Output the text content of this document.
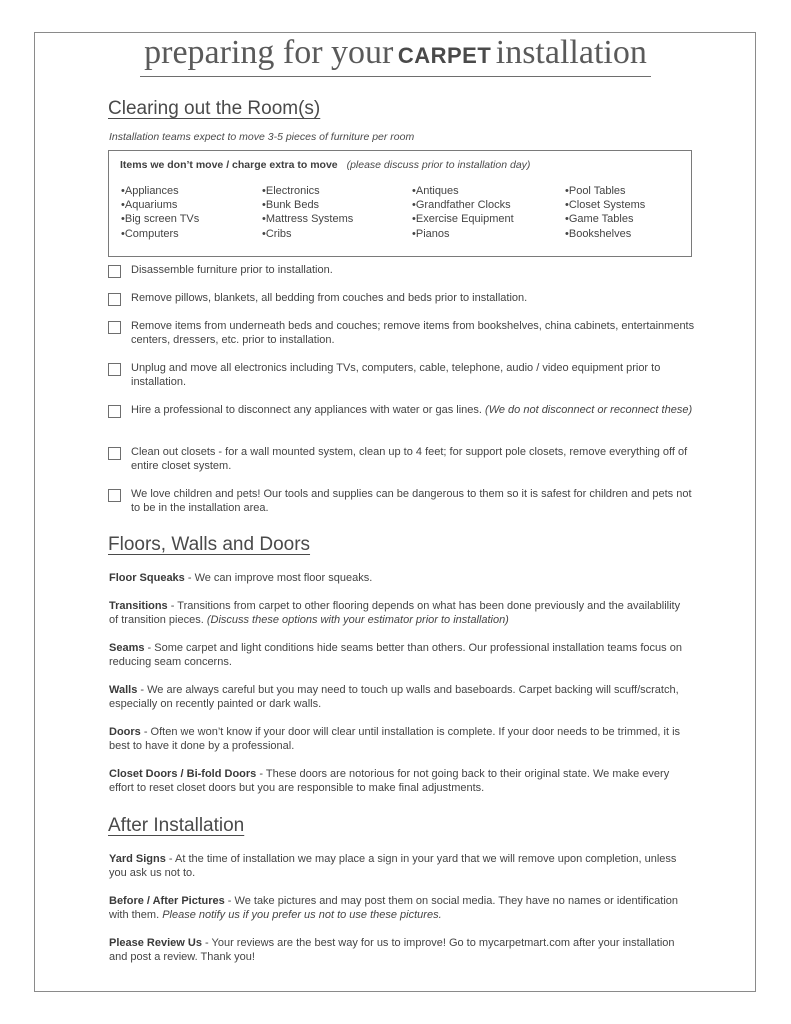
preparing for your CARPET installation
Clearing out the Room(s)
Installation teams expect to move 3-5 pieces of furniture per room
Items we don’t move / charge extra to move (please discuss prior to installation day)
• Appliances
• Aquariums
• Big screen TVs
• Computers
• Electronics
• Bunk Beds
• Mattress Systems
• Cribs
• Antiques
• Grandfather Clocks
• Exercise Equipment
• Pianos
• Pool Tables
• Closet Systems
• Game Tables
• Bookshelves
Disassemble furniture prior to installation.
Remove pillows, blankets, all bedding from couches and beds prior to installation.
Remove items from underneath beds and couches; remove items from bookshelves, china cabinets, entertainments centers, dressers, etc. prior to installation.
Unplug and move all electronics including TVs, computers, cable, telephone, audio / video equipment prior to installation.
Hire a professional to disconnect any appliances with water or gas lines. (We do not disconnect or reconnect these)
Clean out closets - for a wall mounted system, clean up to 4 feet; for support pole closets, remove everything off of entire closet system.
We love children and pets! Our tools and supplies can be dangerous to them so it is safest for children and pets not to be in the installation area.
Floors, Walls and Doors
Floor Squeaks - We can improve most floor squeaks.
Transitions - Transitions from carpet to other flooring depends on what has been done previously and the availablility of transition pieces. (Discuss these options with your estimator prior to installation)
Seams - Some carpet and light conditions hide seams better than others. Our professional installation teams focus on reducing seam concerns.
Walls - We are always careful but you may need to touch up walls and baseboards. Carpet backing will scuff/scratch, especially on recently painted or dark walls.
Doors - Often we won’t know if your door will clear until installation is complete. If your door needs to be trimmed, it is best to have it done by a professional.
Closet Doors / Bi-fold Doors - These doors are notorious for not going back to their original state. We make every effort to reset closet doors but you are responsible to make final adjustments.
After Installation
Yard Signs - At the time of installation we may place a sign in your yard that we will remove upon completion, unless you ask us not to.
Before / After Pictures - We take pictures and may post them on social media. They have no names or identification with them. Please notify us if you prefer us not to use these pictures.
Please Review Us - Your reviews are the best way for us to improve! Go to mycarpetmart.com after your installation and post a review. Thank you!
